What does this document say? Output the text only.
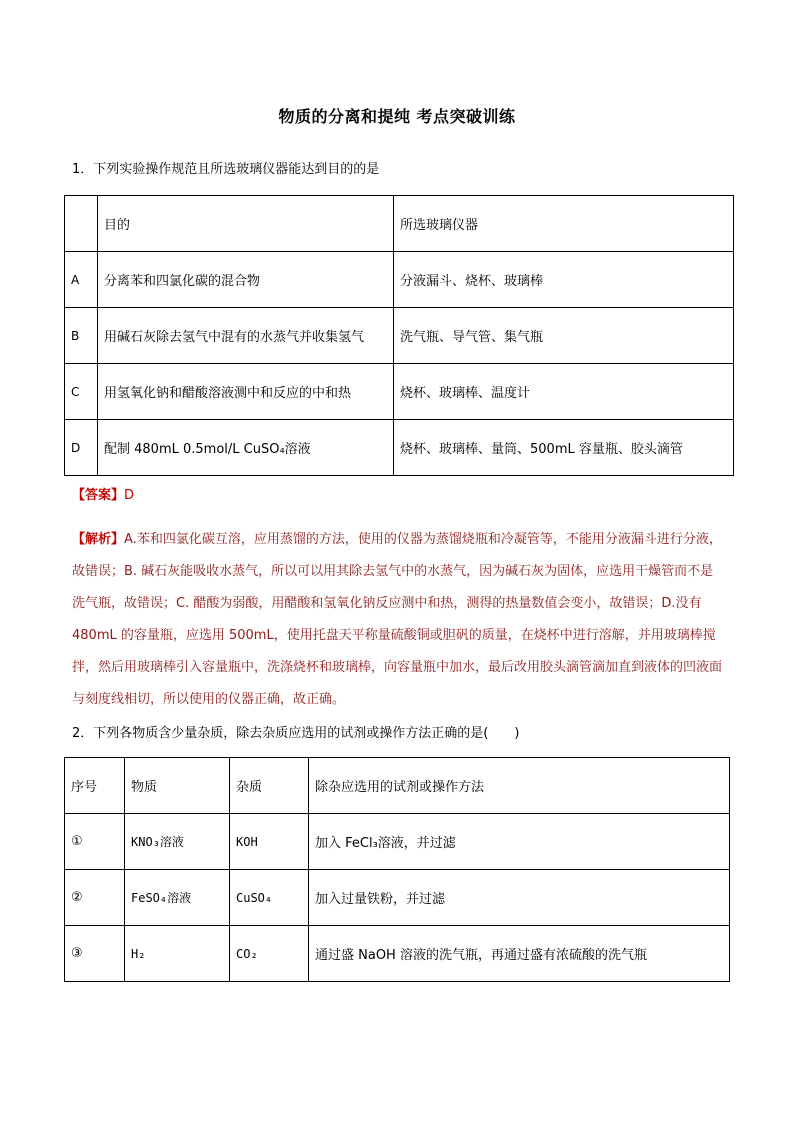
物质的分离和提纯 考点突破训练
1．下列实验操作规范且所选玻璃仪器能达到目的的是
	目的	所选玻璃仪器
A	分离苯和四氯化碳的混合物	分液漏斗、烧杯、玻璃棒
B	用碱石灰除去氢气中混有的水蒸气并收集氢气	洗气瓶、导气管、集气瓶
C	用氢氧化钠和醋酸溶液测中和反应的中和热	烧杯、玻璃棒、温度计
D	配制 480mL 0.5mol/L CuSO₄溶液	烧杯、玻璃棒、量筒、500mL 容量瓶、胶头滴管
【答案】D
【解析】A.苯和四氯化碳互溶，应用蒸馏的方法，使用的仪器为蒸馏烧瓶和冷凝管等，不能用分液漏斗进行分液，故错误；B. 碱石灰能吸收水蒸气，所以可以用其除去氢气中的水蒸气，因为碱石灰为固体，应选用干燥管而不是洗气瓶，故错误；C. 醋酸为弱酸，用醋酸和氢氧化钠反应测中和热，测得的热量数值会变小，故错误；D.没有 480mL 的容量瓶，应选用 500mL，使用托盘天平称量硫酸铜或胆矾的质量，在烧杯中进行溶解，并用玻璃棒搅拌，然后用玻璃棒引入容量瓶中，洗涤烧杯和玻璃棒，向容量瓶中加水，最后改用胶头滴管滴加直到液体的凹液面与刻度线相切，所以使用的仪器正确，故正确。
2．下列各物质含少量杂质，除去杂质应选用的试剂或操作方法正确的是(　　)
序号	物质	杂质	除杂应选用的试剂或操作方法
①	KNO₃溶液	KOH	加入 FeCl₃溶液，并过滤
②	FeSO₄溶液	CuSO₄	加入过量铁粉，并过滤
③	H₂	CO₂	通过盛 NaOH 溶液的洗气瓶，再通过盛有浓硫酸的洗气瓶
